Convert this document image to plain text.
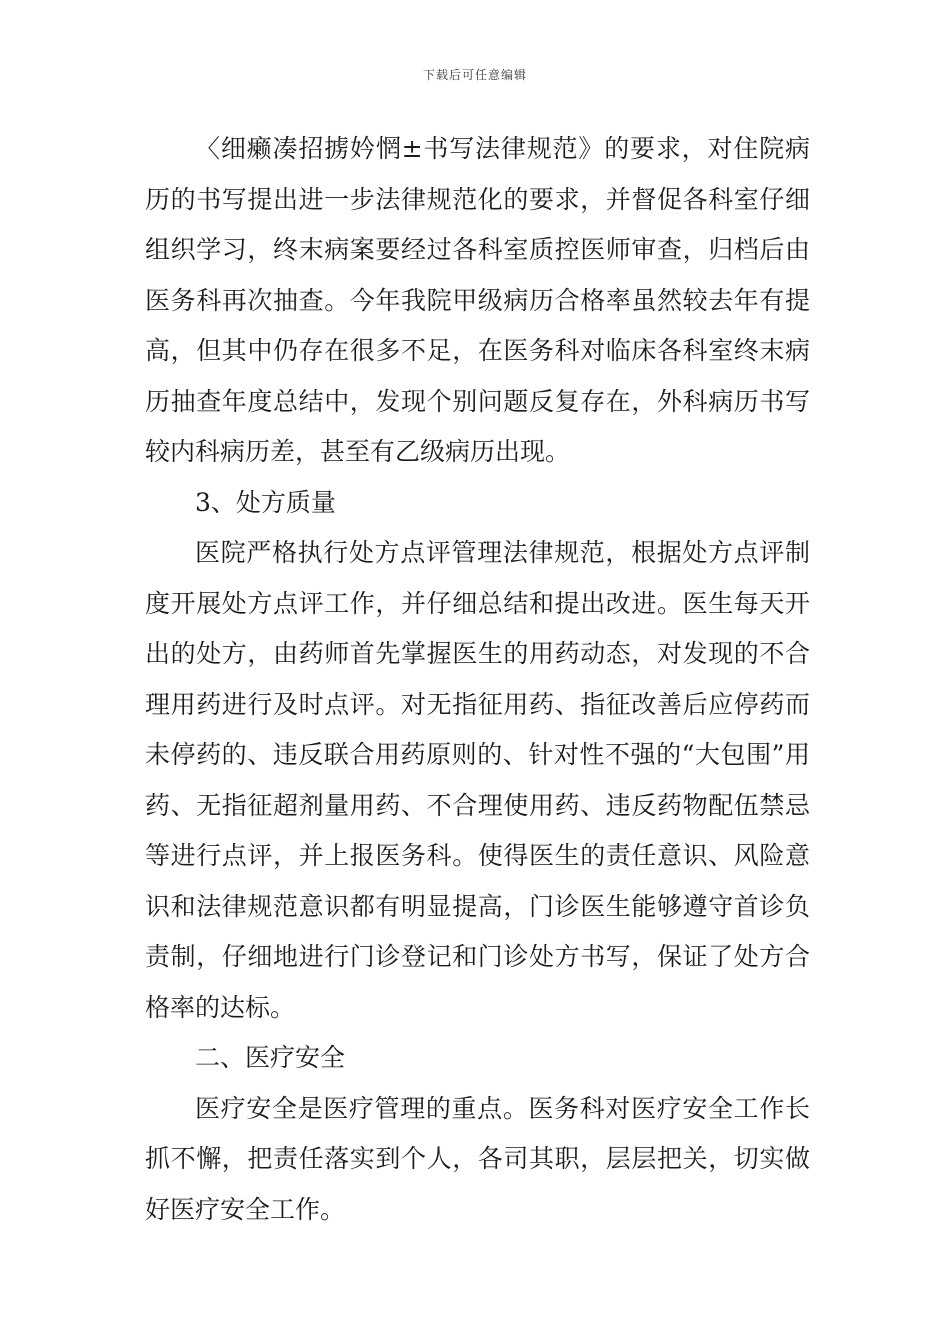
下载后可任意编辑

〈细癞凑招掳妗惘±书写法律规范》的要求，对住院病历的书写提出进一步法律规范化的要求，并督促各科室仔细组织学习，终末病案要经过各科室质控医师审查，归档后由医务科再次抽查。今年我院甲级病历合格率虽然较去年有提高，但其中仍存在很多不足，在医务科对临床各科室终末病历抽查年度总结中，发现个别问题反复存在，外科病历书写较内科病历差，甚至有乙级病历出现。

3、处方质量

医院严格执行处方点评管理法律规范，根据处方点评制度开展处方点评工作，并仔细总结和提出改进。医生每天开出的处方，由药师首先掌握医生的用药动态，对发现的不合理用药进行及时点评。对无指征用药、指征改善后应停药而未停药的、违反联合用药原则的、针对性不强的“大包围”用药、无指征超剂量用药、不合理使用药、违反药物配伍禁忌等进行点评，并上报医务科。使得医生的责任意识、风险意识和法律规范意识都有明显提高，门诊医生能够遵守首诊负责制，仔细地进行门诊登记和门诊处方书写，保证了处方合格率的达标。

二、医疗安全

医疗安全是医疗管理的重点。医务科对医疗安全工作长抓不懈，把责任落实到个人，各司其职，层层把关，切实做好医疗安全工作。
